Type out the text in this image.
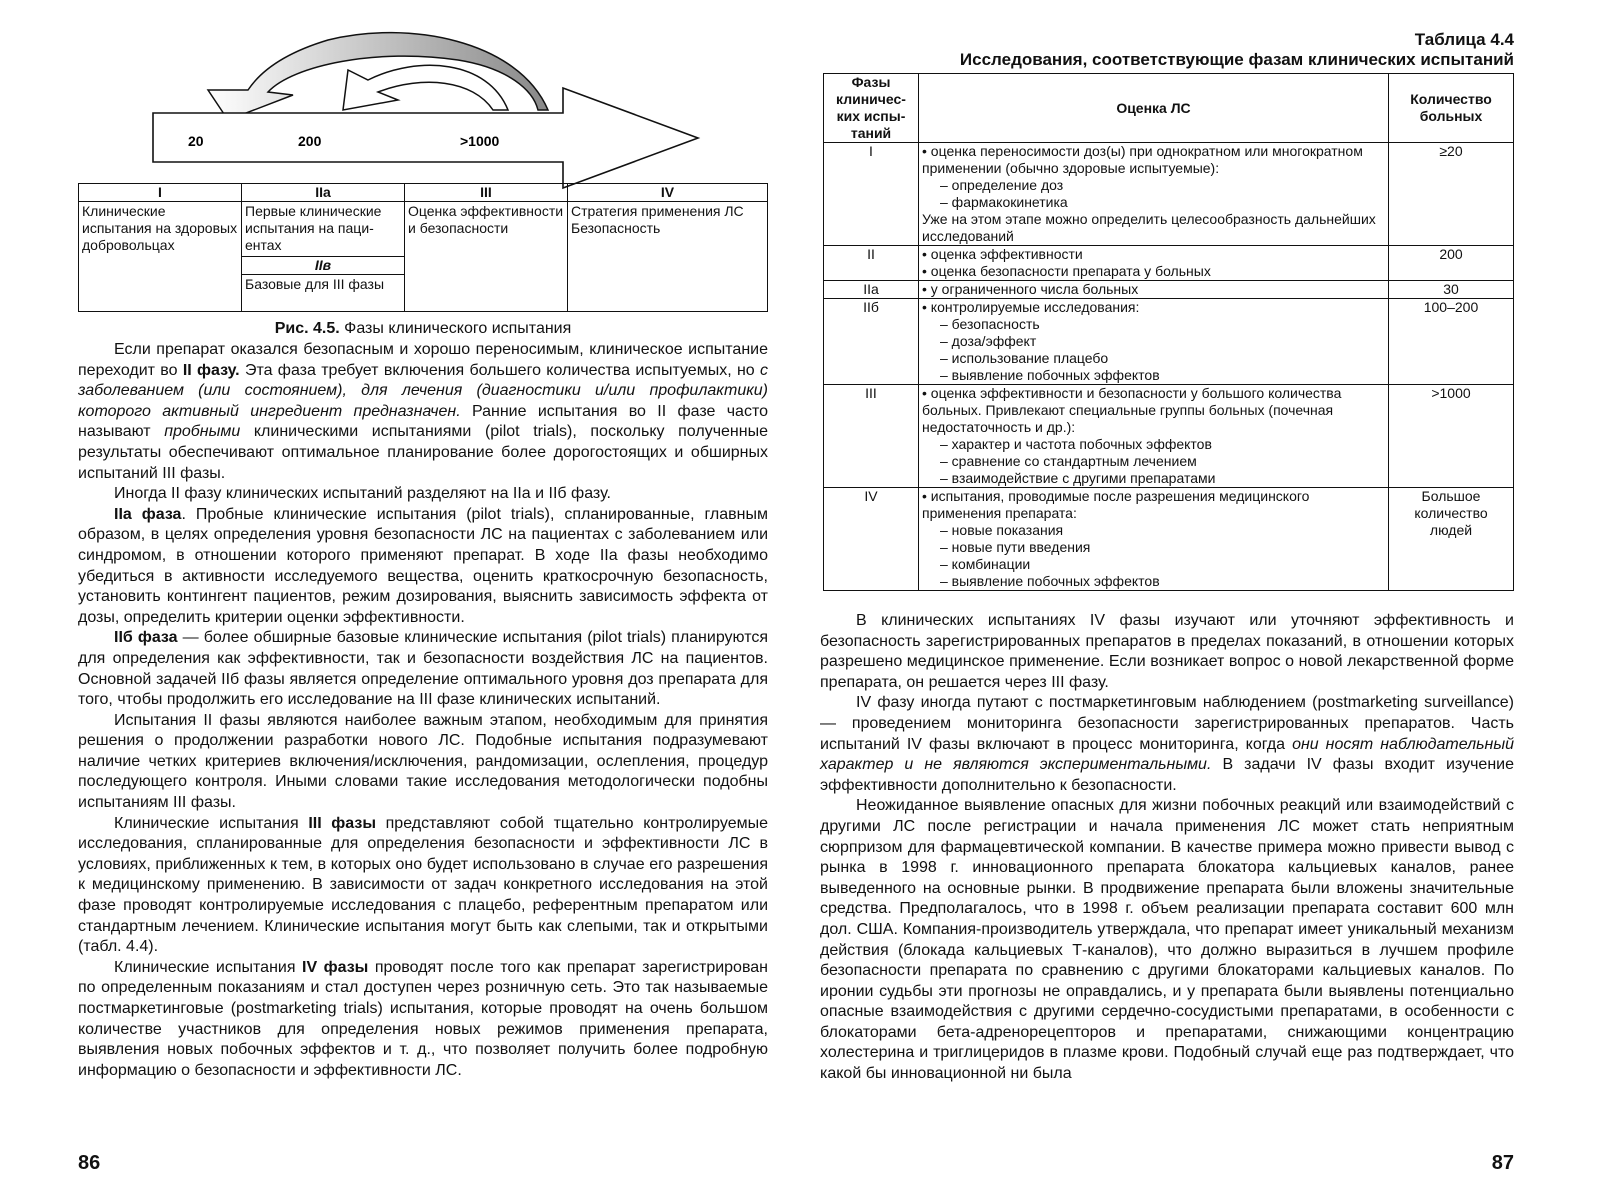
20	200	>1000
I	IIa	III	IV
Клинические испытания на здоровых добровольцах	Первые клинические испытания на паци-ентах	Оценка эффективности и безопасности	Стратегия применения ЛС Безопасность
	IIв		
	Базовые для III фазы		
Рис. 4.5. Фазы клинического испытания

Если препарат оказался безопасным и хорошо переносимым, клиническое испытание переходит во II фазу. Эта фаза требует включения большего количества испытуемых, но с заболеванием (или состоянием), для лечения (диагностики и/или профилактики) которого активный ингредиент предназначен. Ранние испытания во II фазе часто называют пробными клиническими испытаниями (pilot trials), поскольку полученные результаты обеспечивают оптимальное планирование более дорогостоящих и обширных испытаний III фазы.

Иногда II фазу клинических испытаний разделяют на IIa и IIб фазу.

IIa фаза. Пробные клинические испытания (pilot trials), спланированные, главным образом, в целях определения уровня безопасности ЛС на пациентах с заболеванием или синдромом, в отношении которого применяют препарат. В ходе IIa фазы необходимо убедиться в активности исследуемого вещества, оценить краткосрочную безопасность, установить контингент пациентов, режим дозирования, выяснить зависимость эффекта от дозы, определить критерии оценки эффективности.

IIб фаза — более обширные базовые клинические испытания (pilot trials) планируются для определения как эффективности, так и безопасности воздействия ЛС на пациентов. Основной задачей IIб фазы является определение оптимального уровня доз препарата для того, чтобы продолжить его исследование на III фазе клинических испытаний.

Испытания II фазы являются наиболее важным этапом, необходимым для принятия решения о продолжении разработки нового ЛС. Подобные испытания подразумевают наличие четких критериев включения/исключения, рандомизации, ослепления, процедур последующего контроля. Иными словами такие исследования методологически подобны испытаниям III фазы.

Клинические испытания III фазы представляют собой тщательно контролируемые исследования, спланированные для определения безопасности и эффективности ЛС в условиях, приближенных к тем, в которых оно будет использовано в случае его разрешения к медицинскому применению. В зависимости от задач конкретного исследования на этой фазе проводят контролируемые исследования с плацебо, референтным препаратом или стандартным лечением. Клинические испытания могут быть как слепыми, так и открытыми (табл. 4.4).

Клинические испытания IV фазы проводят после того как препарат зарегистрирован по определенным показаниям и стал доступен через розничную сеть. Это так называемые постмаркетинговые (postmarketing trials) испытания, которые проводят на очень большом количестве участников для определения новых режимов применения препарата, выявления новых побочных эффектов и т. д., что позволяет получить более подробную информацию о безопасности и эффективности ЛС.

86
Таблица 4.4
Исследования, соответствующие фазам клинических испытаний
Фазы клиничес-ких испы-таний	Оценка ЛС	Количество больных
I	• оценка переносимости доз(ы) при однократном или многократном применении (обычно здоровые испытуемые):
– определение доз
– фармакокинетика
Уже на этом этапе можно определить целесообразность дальнейших исследований	≥20
II	• оценка эффективности
• оценка безопасности препарата у больных	200
IIa	• у ограниченного числа больных	30
IIб	• контролируемые исследования:
– безопасность
– доза/эффект
– использование плацебо
– выявление побочных эффектов	100–200
III	• оценка эффективности и безопасности у большого количества больных. Привлекают специальные группы больных (почечная недостаточность и др.):
– характер и частота побочных эффектов
– сравнение со стандартным лечением
– взаимодействие с другими препаратами	>1000
IV	• испытания, проводимые после разрешения медицинского применения препарата:
– новые показания
– новые пути введения
– комбинации
– выявление побочных эффектов	Большое количество людей

В клинических испытаниях IV фазы изучают или уточняют эффективность и безопасность зарегистрированных препаратов в пределах показаний, в отношении которых разрешено медицинское применение. Если возникает вопрос о новой лекарственной форме препарата, он решается через III фазу.

IV фазу иногда путают с постмаркетинговым наблюдением (postmarketing surveillance) — проведением мониторинга безопасности зарегистрированных препаратов. Часть испытаний IV фазы включают в процесс мониторинга, когда они носят наблюдательный характер и не являются экспериментальными. В задачи IV фазы входит изучение эффективности дополнительно к безопасности.

Неожиданное выявление опасных для жизни побочных реакций или взаимодействий с другими ЛС после регистрации и начала применения ЛС может стать неприятным сюрпризом для фармацевтической компании. В качестве примера можно привести вывод с рынка в 1998 г. инновационного препарата блокатора кальциевых каналов, ранее выведенного на основные рынки. В продвижение препарата были вложены значительные средства. Предполагалось, что в 1998 г. объем реализации препарата составит 600 млн дол. США. Компания-производитель утверждала, что препарат имеет уникальный механизм действия (блокада кальциевых Т-каналов), что должно выразиться в лучшем профиле безопасности препарата по сравнению с другими блокаторами кальциевых каналов. По иронии судьбы эти прогнозы не оправдались, и у препарата были выявлены потенциально опасные взаимодействия с другими сердечно-сосудистыми препаратами, в особенности с блокаторами бета-адренорецепторов и препаратами, снижающими концентрацию холестерина и триглицеридов в плазме крови. Подобный случай еще раз подтверждает, что какой бы инновационной ни была

87
